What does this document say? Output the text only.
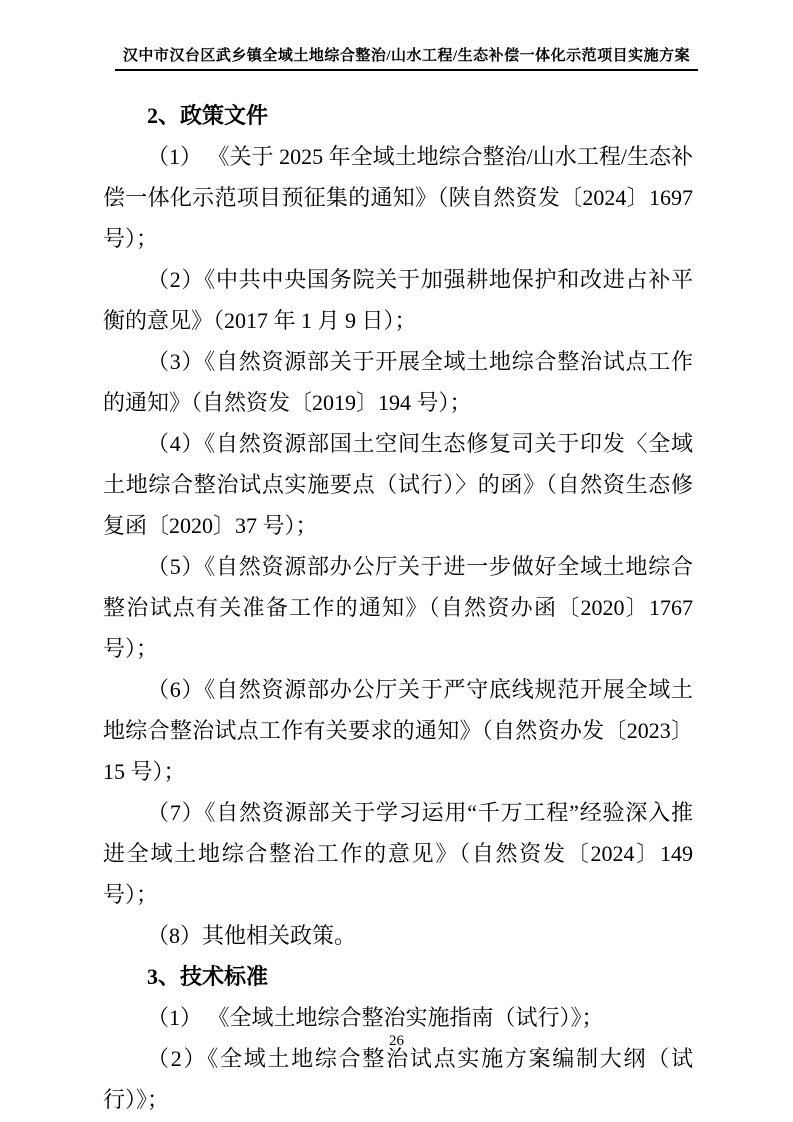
汉中市汉台区武乡镇全域土地综合整治/山水工程/生态补偿一体化示范项目实施方案
2、政策文件

（1） 《关于 2025 年全域土地综合整治/山水工程/生态补偿一体化示范项目预征集的通知》（陕自然资发〔2024〕1697 号）；

（2）《中共中央国务院关于加强耕地保护和改进占补平衡的意见》（2017 年 1 月 9 日）；

（3）《自然资源部关于开展全域土地综合整治试点工作的通知》（自然资发〔2019〕194 号）；

（4）《自然资源部国土空间生态修复司关于印发〈全域土地综合整治试点实施要点（试行）〉的函》（自然资生态修复函〔2020〕37 号）；

（5）《自然资源部办公厅关于进一步做好全域土地综合整治试点有关准备工作的通知》（自然资办函〔2020〕1767 号）；

（6）《自然资源部办公厅关于严守底线规范开展全域土地综合整治试点工作有关要求的通知》（自然资办发〔2023〕15 号）；

（7）《自然资源部关于学习运用“千万工程”经验深入推进全域土地综合整治工作的意见》（自然资发〔2024〕149 号）；

（8）其他相关政策。

3、技术标准

（1） 《全域土地综合整治实施指南（试行）》；

（2）《全域土地综合整治试点实施方案编制大纲（试行）》；

26
